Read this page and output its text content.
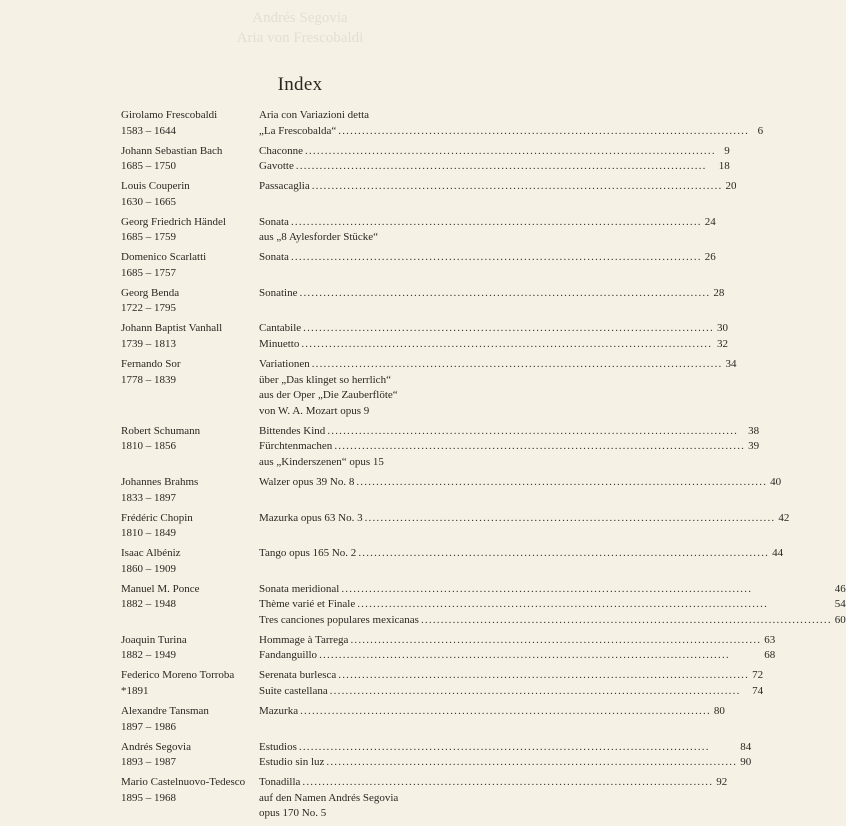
Andrés Segovia
Aria von Frescobaldi
Index
Girolamo Frescobaldi
1583 – 1644
Aria con Variazioni detta
„La Frescobalda“ .....	6
Johann Sebastian Bach
1685 – 1750
Chaconne .....	9
Gavotte .....	18
Louis Couperin
1630 – 1665
Passacaglia .....	20
Georg Friedrich Händel
1685 – 1759
Sonata .....	24
aus „8 Aylesforder Stücke“
Domenico Scarlatti
1685 – 1757
Sonata .....	26
Georg Benda
1722 – 1795
Sonatine .....	28
Johann Baptist Vanhall
1739 – 1813
Cantabile .....	30
Minuetto .....	32
Fernando Sor
1778 – 1839
Variationen .....	34
über „Das klinget so herrlich“
aus der Oper „Die Zauberflöte“
von W. A. Mozart opus 9
Robert Schumann
1810 – 1856
Bittendes Kind .....	38
Fürchtenmachen .....	39
aus „Kinderszenen“ opus 15
Johannes Brahms
1833 – 1897
Walzer opus 39 No. 8 .....	40
Frédéric Chopin
1810 – 1849
Mazurka opus 63 No. 3 .....	42
Isaac Albéniz
1860 – 1909
Tango opus 165 No. 2 .....	44
Manuel M. Ponce
1882 – 1948
Sonata meridional .....	46
Thème varié et Finale .....	54
Tres canciones populares mexicanas .....	60
Joaquin Turina
1882 – 1949
Hommage à Tarrega .....	63
Fandanguillo .....	68
Federico Moreno Torroba
*1891
Serenata burlesca .....	72
Suite castellana .....	74
Alexandre Tansman
1897 – 1986
Mazurka .....	80
Andrés Segovia
1893 – 1987
Estudios .....	84
Estudio sin luz .....	90
Mario Castelnuovo-Tedesco
1895 – 1968
Tonadilla .....	92
auf den Namen Andrés Segovia
opus 170 No. 5
